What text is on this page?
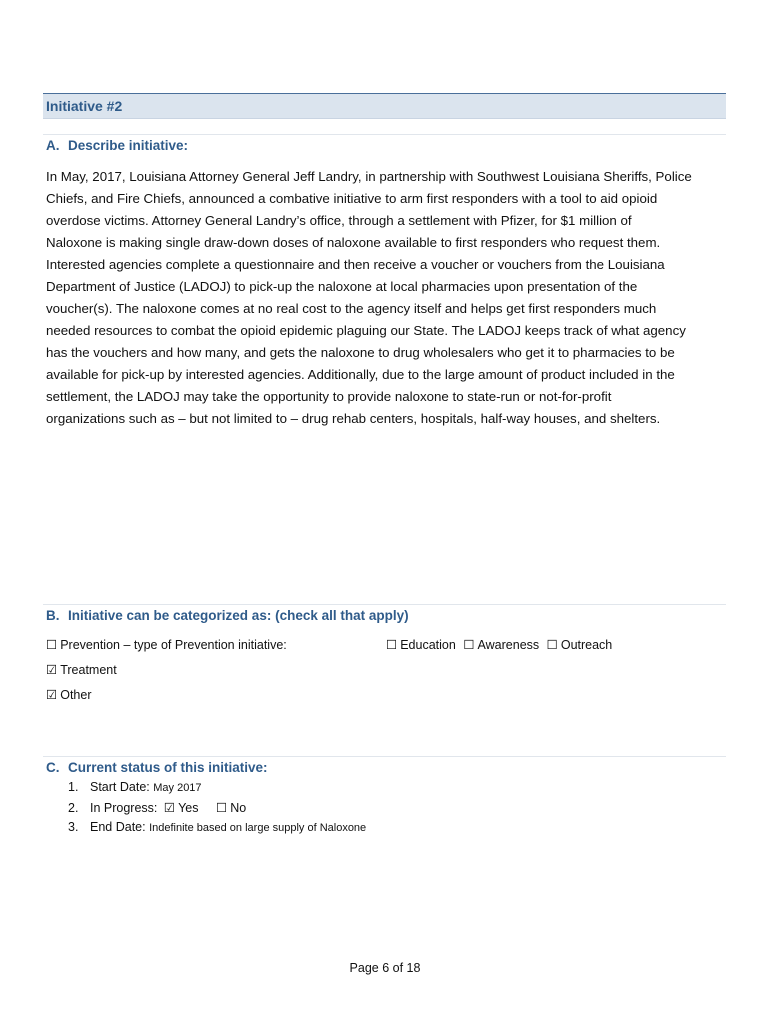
Initiative #2
A. Describe initiative:

In May, 2017, Louisiana Attorney General Jeff Landry, in partnership with Southwest Louisiana Sheriffs, Police
Chiefs, and Fire Chiefs, announced a combative initiative to arm first responders with a tool to aid opioid
overdose victims. Attorney General Landry’s office, through a settlement with Pfizer, for $1 million of
Naloxone is making single draw-down doses of naloxone available to first responders who request them.
Interested agencies complete a questionnaire and then receive a voucher or vouchers from the Louisiana
Department of Justice (LADOJ) to pick-up the naloxone at local pharmacies upon presentation of the
voucher(s). The naloxone comes at no real cost to the agency itself and helps get first responders much
needed resources to combat the opioid epidemic plaguing our State. The LADOJ keeps track of what agency
has the vouchers and how many, and gets the naloxone to drug wholesalers who get it to pharmacies to be
available for pick-up by interested agencies. Additionally, due to the large amount of product included in the
settlement, the LADOJ may take the opportunity to provide naloxone to state-run or not-for-profit
organizations such as – but not limited to – drug rehab centers, hospitals, half-way houses, and shelters.

B. Initiative can be categorized as: (check all that apply)
☐ Prevention – type of Prevention initiative:	☐ Education ☐ Awareness ☐ Outreach
☑ Treatment
☑ Other
C. Current status of this initiative:
1. Start Date: May 2017
2. In Progress: ☑ Yes ☐ No
3. End Date: Indefinite based on large supply of Naloxone
Page 6 of 18
